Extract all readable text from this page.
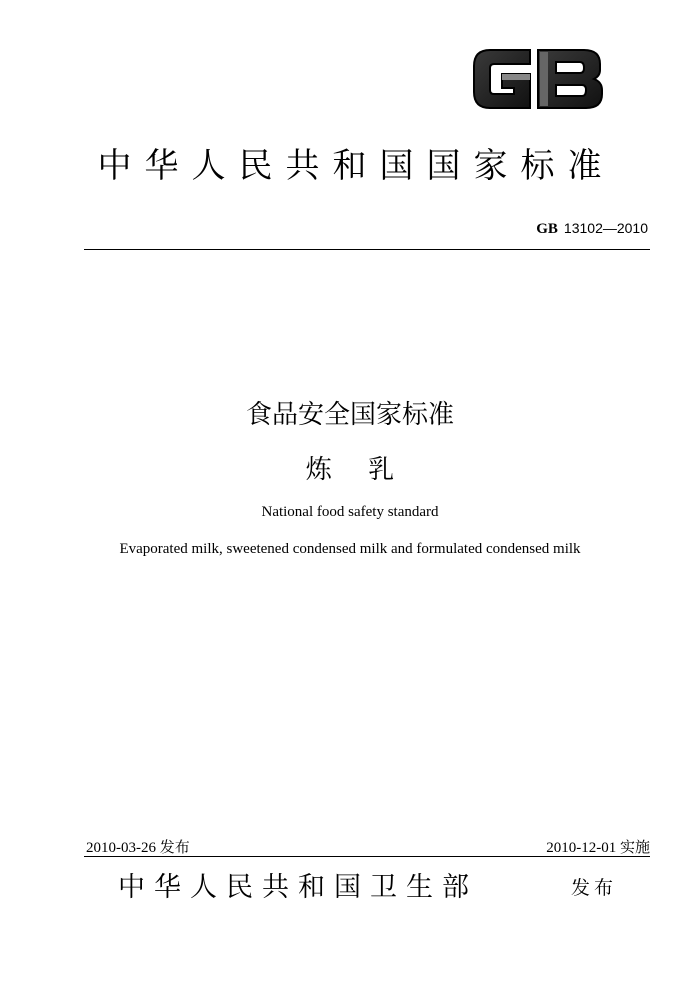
中华人民共和国国家标准
GB 13102—2010
食品安全国家标准
炼 乳
National food safety standard
Evaporated milk, sweetened condensed milk and formulated condensed milk
2010-03-26 发布	2010-12-01 实施
中华人民共和国卫生部	发布
